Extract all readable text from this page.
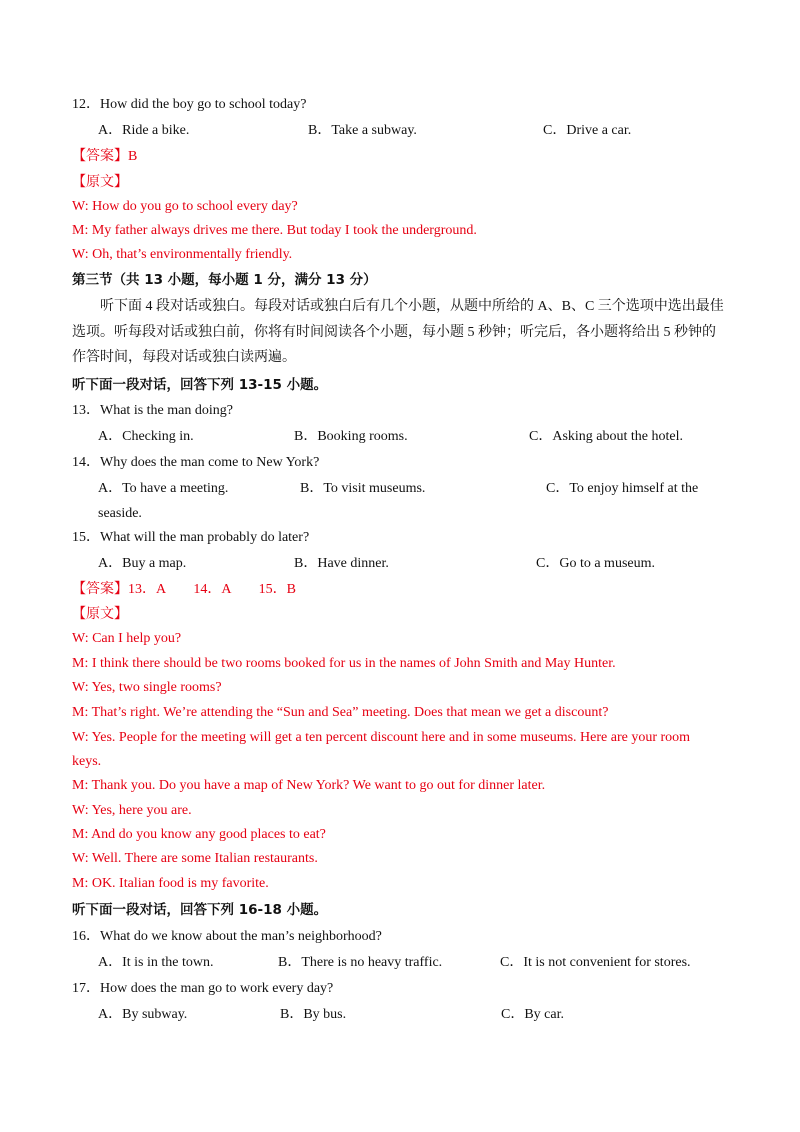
12．How did the boy go to school today?
A．Ride a bike.	B．Take a subway.	C．Drive a car.
【答案】B
【原文】
W: How do you go to school every day?
M: My father always drives me there. But today I took the underground.
W: Oh, that’s environmentally friendly.
第三节（共 13 小题，每小题 1 分，满分 13 分）
听下面 4 段对话或独白。每段对话或独白后有几个小题，从题中所给的 A、B、C 三个选项中选出最佳选项。听每段对话或独白前，你将有时间阅读各个小题，每小题 5 秒钟；听完后，各小题将给出 5 秒钟的作答时间，每段对话或独白读两遍。
听下面一段对话，回答下列 13-15 小题。
13．What is the man doing?
A．Checking in.	B．Booking rooms.	C．Asking about the hotel.
14．Why does the man come to New York?
A．To have a meeting.	B．To visit museums.	C．To enjoy himself at the
seaside.
15．What will the man probably do later?
A．Buy a map.	B．Have dinner.	C．Go to a museum.
【答案】13．A　　14．A　　15．B
【原文】
W: Can I help you?
M: I think there should be two rooms booked for us in the names of John Smith and May Hunter.
W: Yes, two single rooms?
M: That’s right. We’re attending the “Sun and Sea” meeting. Does that mean we get a discount?
W: Yes. People for the meeting will get a ten percent discount here and in some museums. Here are your room
keys.
M: Thank you. Do you have a map of New York? We want to go out for dinner later.
W: Yes, here you are.
M: And do you know any good places to eat?
W: Well. There are some Italian restaurants.
M: OK. Italian food is my favorite.
听下面一段对话，回答下列 16-18 小题。
16．What do we know about the man’s neighborhood?
A．It is in the town.	B．There is no heavy traffic.	C．It is not convenient for stores.
17．How does the man go to work every day?
A．By subway.	B．By bus.	C．By car.
